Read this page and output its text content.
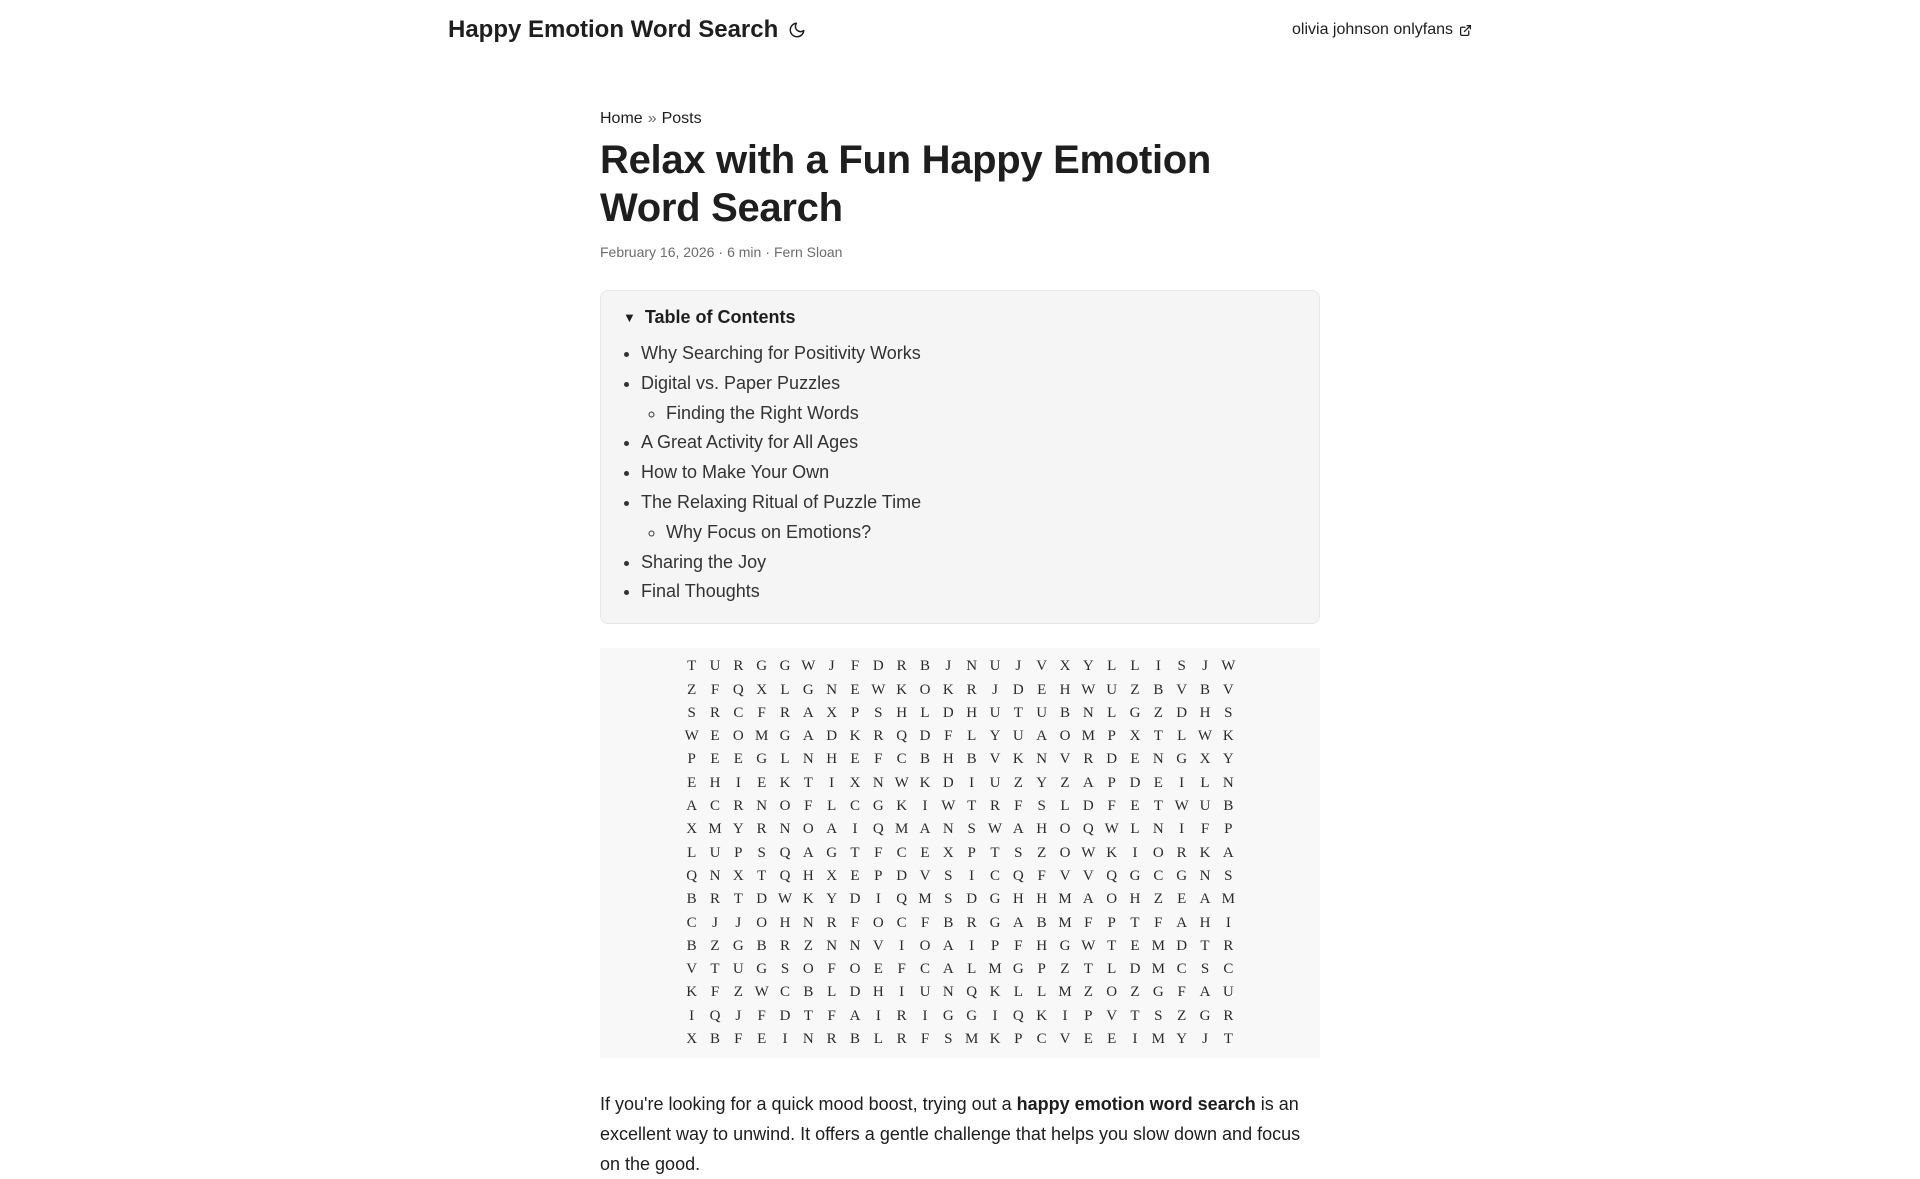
Happy Emotion Word Search	olivia johnson onlyfans
Home » Posts
Relax with a Fun Happy Emotion Word Search
February 16, 2026 · 6 min · Fern Sloan
▼ Table of Contents
• Why Searching for Positivity Works
• Digital vs. Paper Puzzles
◦ Finding the Right Words
• A Great Activity for All Ages
• How to Make Your Own
• The Relaxing Ritual of Puzzle Time
◦ Why Focus on Emotions?
• Sharing the Joy
• Final Thoughts
T U R G G W J	F D R B	J N U	J V X Y L L	I	S	J W
Z F Q X L G N E W K O K R	J	D E H W U Z B V B V
S R C F R A X P	S H L D H U T U B N L G Z D H S
W E O M G A D K R Q D F L Y U A O M P X T L W K
P E E G L N H E F C B H B V K N V R D E N G X Y
E H	I	E K T	I	X N W K D	I	U Z Y Z A P D E	I	L N
A C R N O F L C G K	I W T R F S L D F E T W U B
X M Y R N O A	I	Q M A N S W A H O Q W L N	I	F	P
L U P S Q A G T F C E X P T S Z O W K	I	O R K A
Q N X T Q H X E P D V S	I	C Q F V V Q G C G N S
B R T D W K Y D	I	Q M S D G H H M A O H Z E A M
C	J	J O H N R F O C F B R G A B M F P T F A H	I
B Z G B R Z N N V	I	O A	I	P	F H G W T E M D T R
V T U G S O F O E F C A L M G P Z T L D M C S C
K F Z W C B L D H	I	U N Q K L L M Z O Z G F A U
I	Q	J	F D T F A	I	R	I	G G	I	Q K	I	P V T S Z G R
X B F E	I	N R B L R F	S M K P C V E E	I M Y J	T

If you're looking for a quick mood boost, trying out a happy emotion word search is an excellent way to unwind. It offers a gentle challenge that helps you slow down and focus on the good.
